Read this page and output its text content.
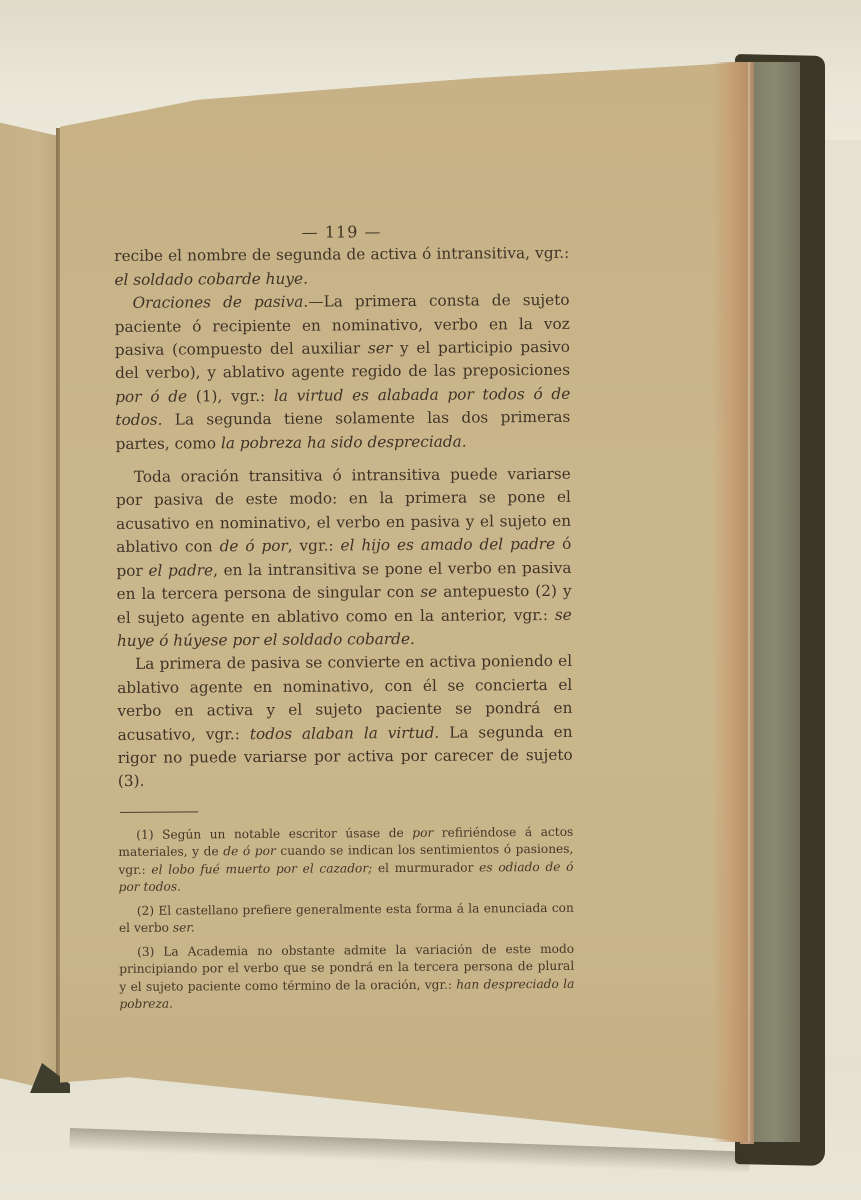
— 119 —

recibe el nombre de segunda de activa ó intransitiva, vgr.: el soldado cobarde huye.

Oraciones de pasiva.—La primera consta de sujeto paciente ó recipiente en nominativo, verbo en la voz pasiva (compuesto del auxiliar ser y el participio pasivo del verbo), y ablativo agente regido de las preposiciones por ó de (1), vgr.: la virtud es alabada por todos ó de todos. La segunda tiene solamente las dos primeras partes, como la pobreza ha sido despreciada.

Toda oración transitiva ó intransitiva puede variarse por pasiva de este modo: en la primera se pone el acusativo en nominativo, el verbo en pasiva y el sujeto en ablativo con de ó por, vgr.: el hijo es amado del padre ó por el padre, en la intransitiva se pone el verbo en pasiva en la tercera persona de singular con se antepuesto (2) y el sujeto agente en ablativo como en la anterior, vgr.: se huye ó húyese por el soldado cobarde.

La primera de pasiva se convierte en activa poniendo el ablativo agente en nominativo, con él se concierta el verbo en activa y el sujeto paciente se pondrá en acusativo, vgr.: todos alaban la virtud. La segunda en rigor no puede variarse por activa por carecer de sujeto (3).

(1) Según un notable escritor úsase de por refiriéndose á actos materiales, y de de ó por cuando se indican los sentimientos ó pasiones, vgr.: el lobo fué muerto por el cazador; el murmurador es odiado de ó por todos.

(2) El castellano prefiere generalmente esta forma á la enunciada con el verbo ser.

(3) La Academia no obstante admite la variación de este modo principiando por el verbo que se pondrá en la tercera persona de plural y el sujeto paciente como término de la oración, vgr.: han despreciado la pobreza.
